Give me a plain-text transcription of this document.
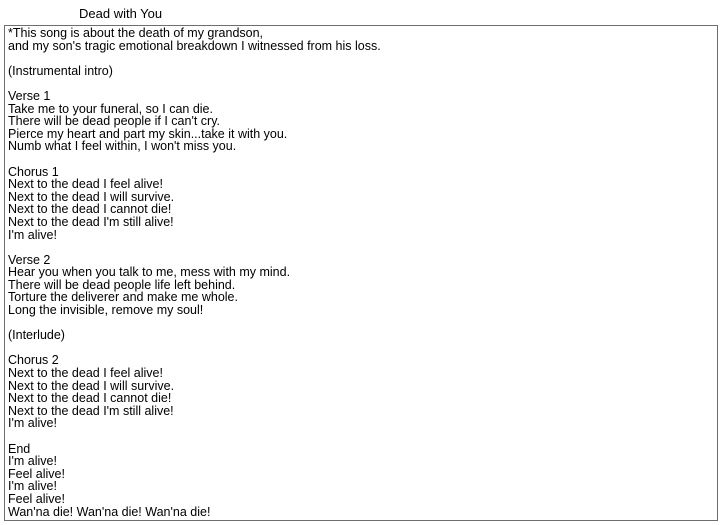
Dead with You
*This song is about the death of my grandson,
and my son's tragic emotional breakdown I witnessed from his loss.
(Instrumental intro)
Verse 1
Take me to your funeral, so I can die.
There will be dead people if I can't cry.
Pierce my heart and part my skin...take it with you.
Numb what I feel within, I won't miss you.
Chorus 1
Next to the dead I feel alive!
Next to the dead I will survive.
Next to the dead I cannot die!
Next to the dead I'm still alive!
I'm alive!
Verse 2
Hear you when you talk to me, mess with my mind.
There will be dead people life left behind.
Torture the deliverer and make me whole.
Long the invisible, remove my soul!
(Interlude)
Chorus 2
Next to the dead I feel alive!
Next to the dead I will survive.
Next to the dead I cannot die!
Next to the dead I'm still alive!
I'm alive!
End
I'm alive!
Feel alive!
I'm alive!
Feel alive!
Wan'na die! Wan'na die! Wan'na die!
